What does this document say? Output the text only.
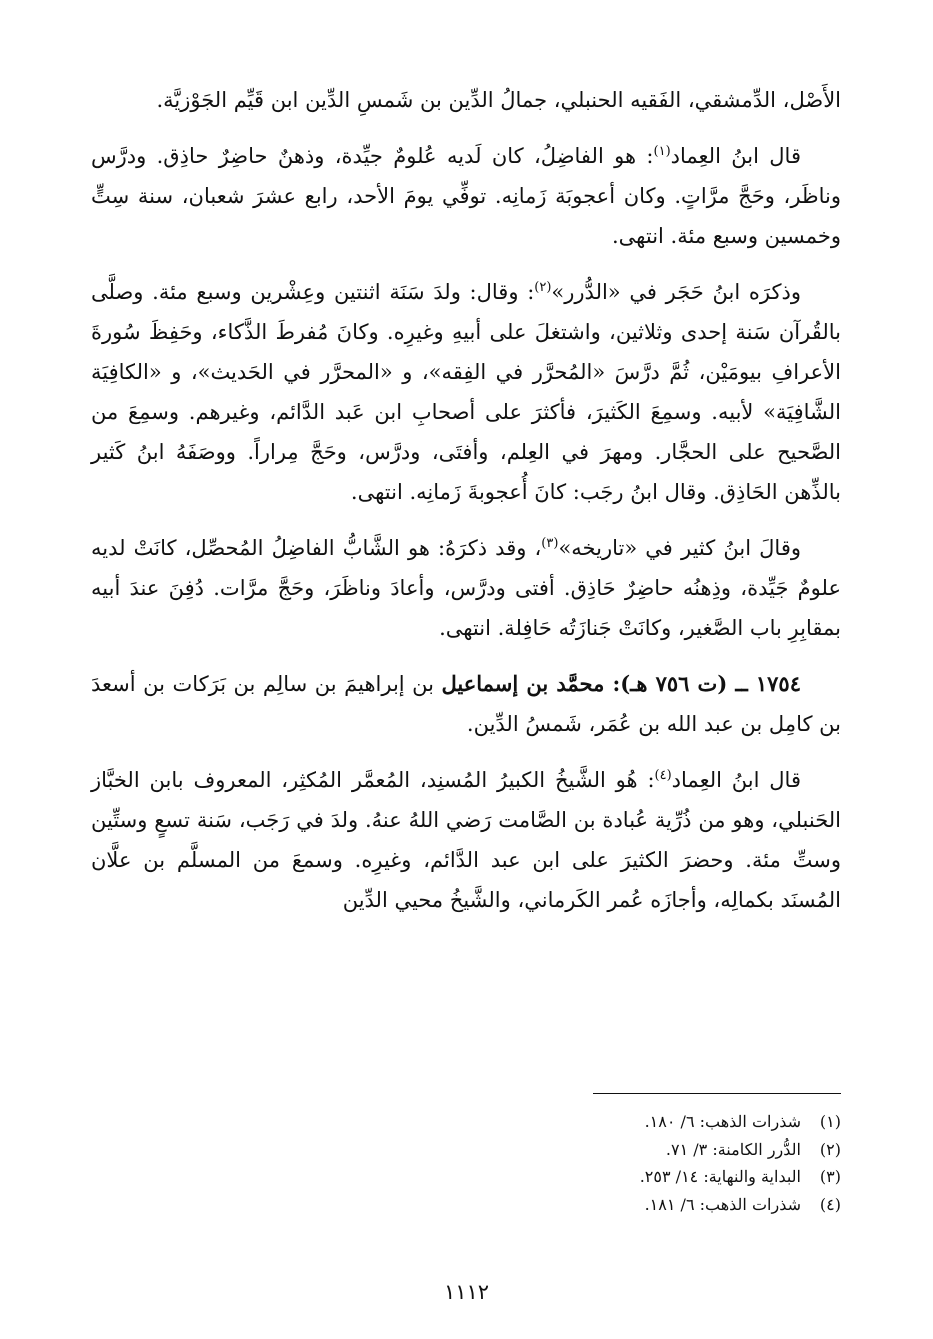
الأَصْل، الدِّمشقي، الفَقيه الحنبلي، جمالُ الدِّين بن شَمسِ الدِّين ابن قَيِّم الجَوْزيَّة.

قال ابنُ العِماد$^{(١)}$: هو الفاضِلُ، كان لَديه عُلومٌ جيِّدة، وذهنٌ حاضِرٌ حاذِق. ودرَّس وناظَر، وحَجَّ مرَّاتٍ. وكان أعجوبَة زَمانِه. توفِّي يومَ الأحد، رابع عشرَ شعبان، سنة سِتٍّ وخمسين وسبع مئة. انتهى.

وذكرَه ابنُ حَجَر في «الدُّرر»$^{(٢)}$: وقال: ولدَ سَنَة اثنتين وعِشْرين وسبع مئة. وصلَّى بالقُرآن سَنة إحدى وثلاثين، واشتغلَ على أبيهِ وغيرِه. وكانَ مُفرطَ الذَّكاء، وحَفِظَ سُورةَ الأعرافِ بيومَيْن، ثُمَّ درَّسَ «المُحرَّر في الفِقه»، و «المحرَّر في الحَديث»، و «الكافِيَة الشَّافِيَة» لأبيه. وسمِعَ الكَثيرَ، فأكثرَ على أصحابِ ابن عَبد الدَّائم، وغيرهم. وسمِعَ من الصَّحيح على الحجَّار. ومهرَ في العِلم، وأفتَى، ودرَّس، وحَجَّ مِراراً. ووصَفَهُ ابنُ كَثير بالذِّهن الحَاذِق. وقال ابنُ رجَب: كانَ أُعجوبةَ زَمانِه. انتهى.

وقالَ ابنُ كثير في «تاريخه»$^{(٣)}$، وقد ذكرَهُ: هو الشَّابُّ الفاضِلُ المُحصِّل، كانَتْ لديه علومٌ جَيِّدة، وذِهنُه حاضِرٌ حَاذِق. أفتى ودرَّس، وأعادَ وناظَرَ، وحَجَّ مرَّات. دُفِنَ عندَ أبيه بمقابِرِ باب الصَّغير، وكانَتْ جَنازَتُه حَافِلة. انتهى.

١٧٥٤ ــ (ت ٧٥٦ هـ): محمَّد بن إسماعيل بن إبراهيمَ بن سالِم بن بَرَكات بن أسعدَ بن كامِل بن عبد الله بن عُمَر، شَمسُ الدِّين.

قال ابنُ العِماد$^{(٤)}$: هُو الشَّيخُ الكبيرُ المُسنِد، المُعمَّر المُكثِر، المعروف بابن الخبَّاز الحَنبلي، وهو من ذُرِّية عُبادة بن الصَّامت رَضي اللهُ عنهُ. ولدَ في رَجَب، سَنة تسعٍ وستِّين وستِّ مئة. وحضرَ الكثيرَ على ابن عبد الدَّائم، وغيرِه. وسمعَ من المسلَّم بن علَّان المُسنَد بكمالِه، وأجازَه عُمر الكَرماني، والشَّيخُ محيي الدِّين

(١)
شذرات الذهب: ٦/ ١٨٠.
(٢)
الدُّرر الكامنة: ٣/ ٧١.
(٣)
البداية والنهاية: ١٤/ ٢٥٣.
(٤)
شذرات الذهب: ٦/ ١٨١.
١١١٢
